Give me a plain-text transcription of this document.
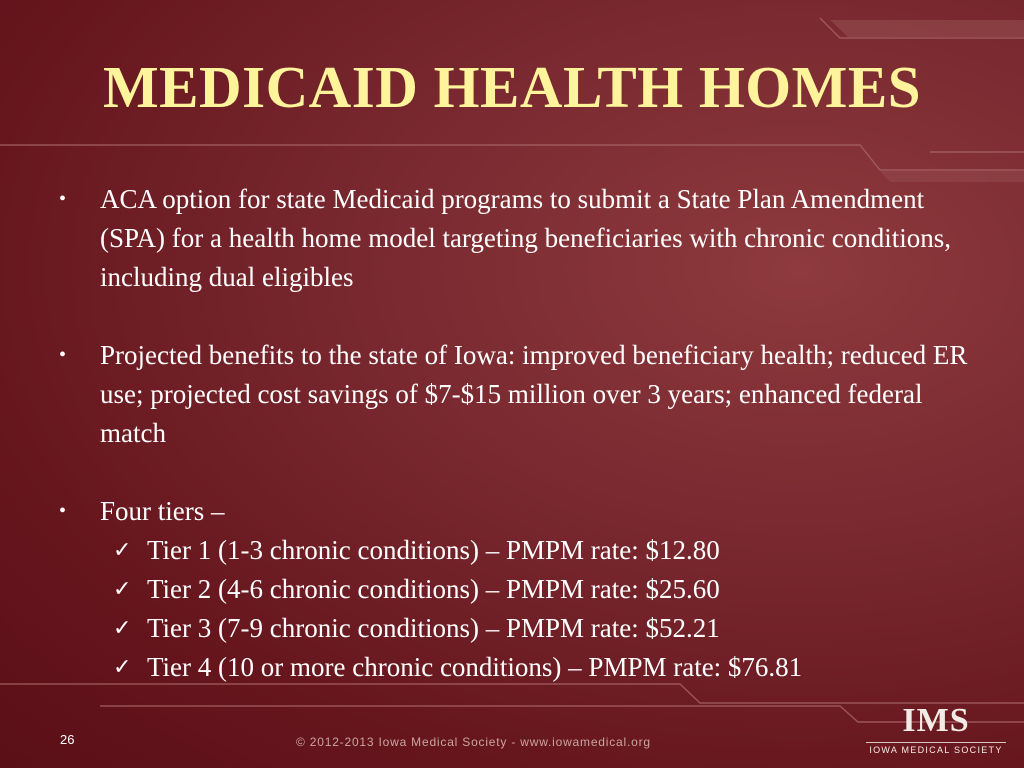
MEDICAID HEALTH HOMES
• ACA option for state Medicaid programs to submit a State Plan Amendment (SPA) for a health home model targeting beneficiaries with chronic conditions, including dual eligibles
• Projected benefits to the state of Iowa: improved beneficiary health; reduced ER use; projected cost savings of $7-$15 million over 3 years; enhanced federal match
• Four tiers –
✓ Tier 1 (1-3 chronic conditions) – PMPM rate: $12.80
✓ Tier 2 (4-6 chronic conditions) – PMPM rate: $25.60
✓ Tier 3 (7-9 chronic conditions) – PMPM rate: $52.21
✓ Tier 4 (10 or more chronic conditions) – PMPM rate: $76.81
26	© 2012-2013 Iowa Medical Society - www.iowamedical.org
IMS
IOWA MEDICAL SOCIETY
